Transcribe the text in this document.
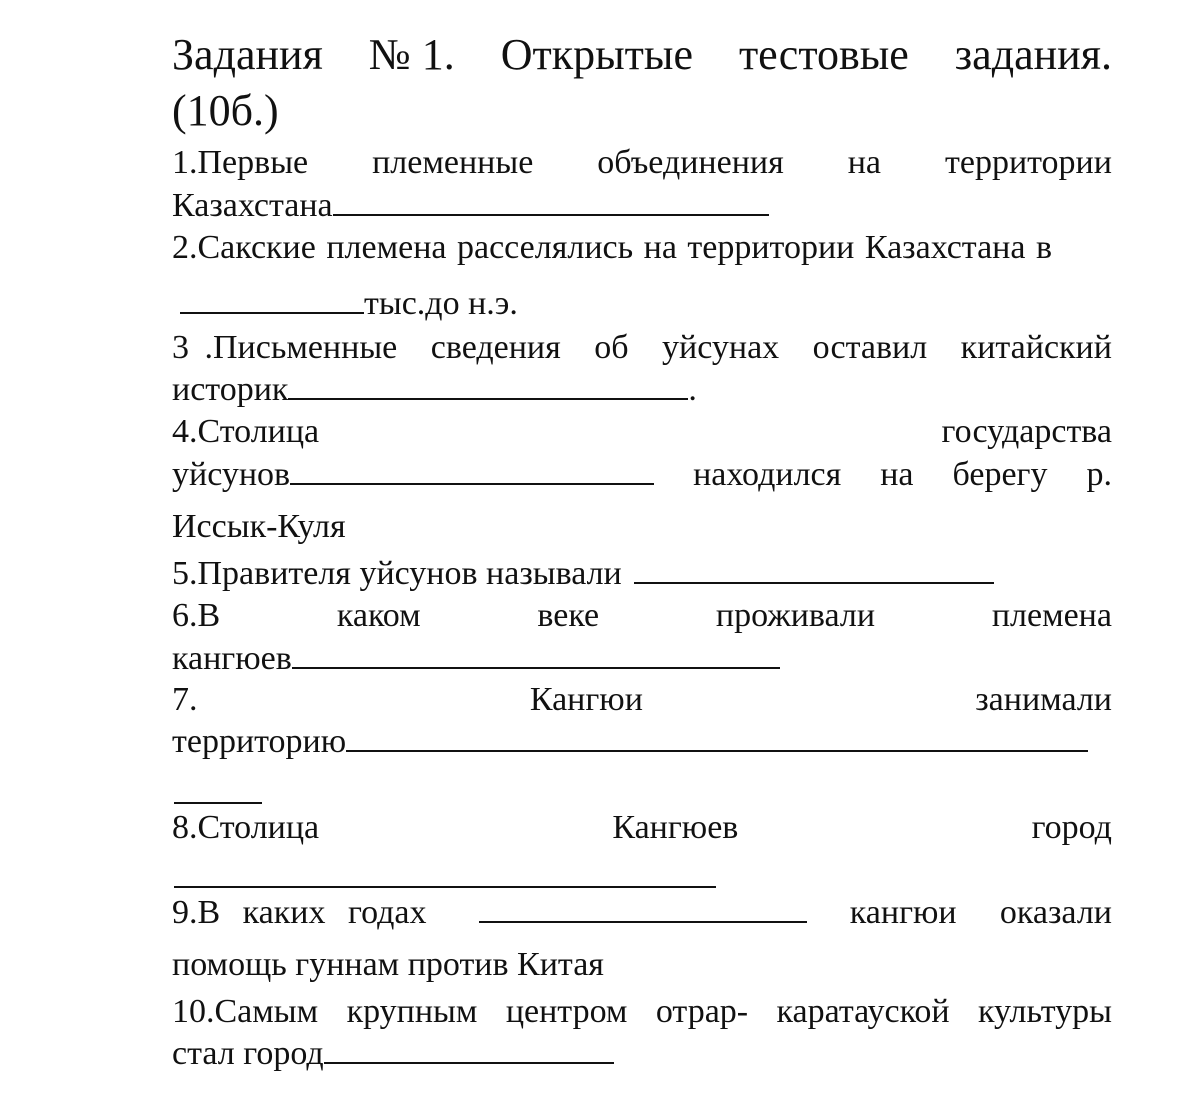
Задания № 1. Открытые тестовые задания.
(10б.)
1.Первые племенные объединения на территории
Казахстана
2.Сакские племена расселялись на территории Казахстана в
тыс.до н.э.
3 .Письменные сведения об уйсунах оставил китайский
историк	.
4.Столица	государства
уйсунов	находился на берегу р.
Иссык-Куля
5.Правителя уйсунов называли
6.В	каком	веке	проживали	племена
кангюев
7.	Кангюи	занимали
территорию
8.Столица	Кангюев	город
9.В каких годах	кангюи оказали
помощь гуннам против Китая
10.Самым крупным центром отрар- каратауской культуры
стал город
